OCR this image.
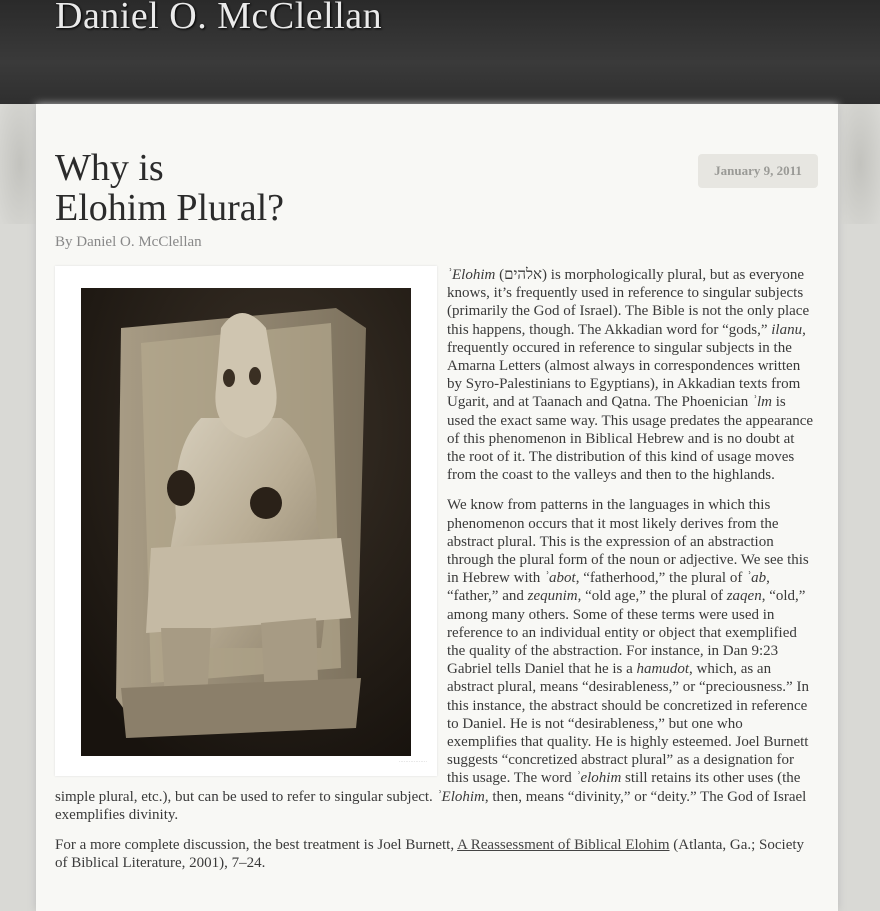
Daniel O. McClellan
Why is
Elohim Plural?
January 9, 2011
By Daniel O. McClellan
·················

ʾElohim (אלהים) is morphologically plural, but as everyone knows, it’s frequently used in reference to singular subjects (primarily the God of Israel). The Bible is not the only place this happens, though. The Akkadian word for “gods,” ilanu, frequently occured in reference to singular subjects in the Amarna Letters (almost always in correspondences written by Syro-Palestinians to Egyptians), in Akkadian texts from Ugarit, and at Taanach and Qatna. The Phoenician ʾlm is used the exact same way. This usage predates the appearance of this phenomenon in Biblical Hebrew and is no doubt at the root of it. The distribution of this kind of usage moves from the coast to the valleys and then to the highlands.

We know from patterns in the languages in which this phenomenon occurs that it most likely derives from the abstract plural. This is the expression of an abstraction through the plural form of the noun or adjective. We see this in Hebrew with ʾabot, “fatherhood,” the plural of ʾab, “father,” and zequnim, “old age,” the plural of zaqen, “old,” among many others. Some of these terms were used in reference to an individual entity or object that exemplified the quality of the abstraction. For instance, in Dan 9:23 Gabriel tells Daniel that he is a hamudot, which, as an abstract plural, means “desirableness,” or “preciousness.” In this instance, the abstract should be concretized in reference to Daniel. He is not “desirableness,” but one who exemplifies that quality. He is highly esteemed. Joel Burnett suggests “concretized abstract plural” as a designation for this usage. The word ʾelohim still retains its other uses (the simple plural, etc.), but can be used to refer to singular subject. ʾElohim, then, means “divinity,” or “deity.” The God of Israel exemplifies divinity.

For a more complete discussion, the best treatment is Joel Burnett, A Reassessment of Biblical Elohim (Atlanta, Ga.; Society of Biblical Literature, 2001), 7–24.
